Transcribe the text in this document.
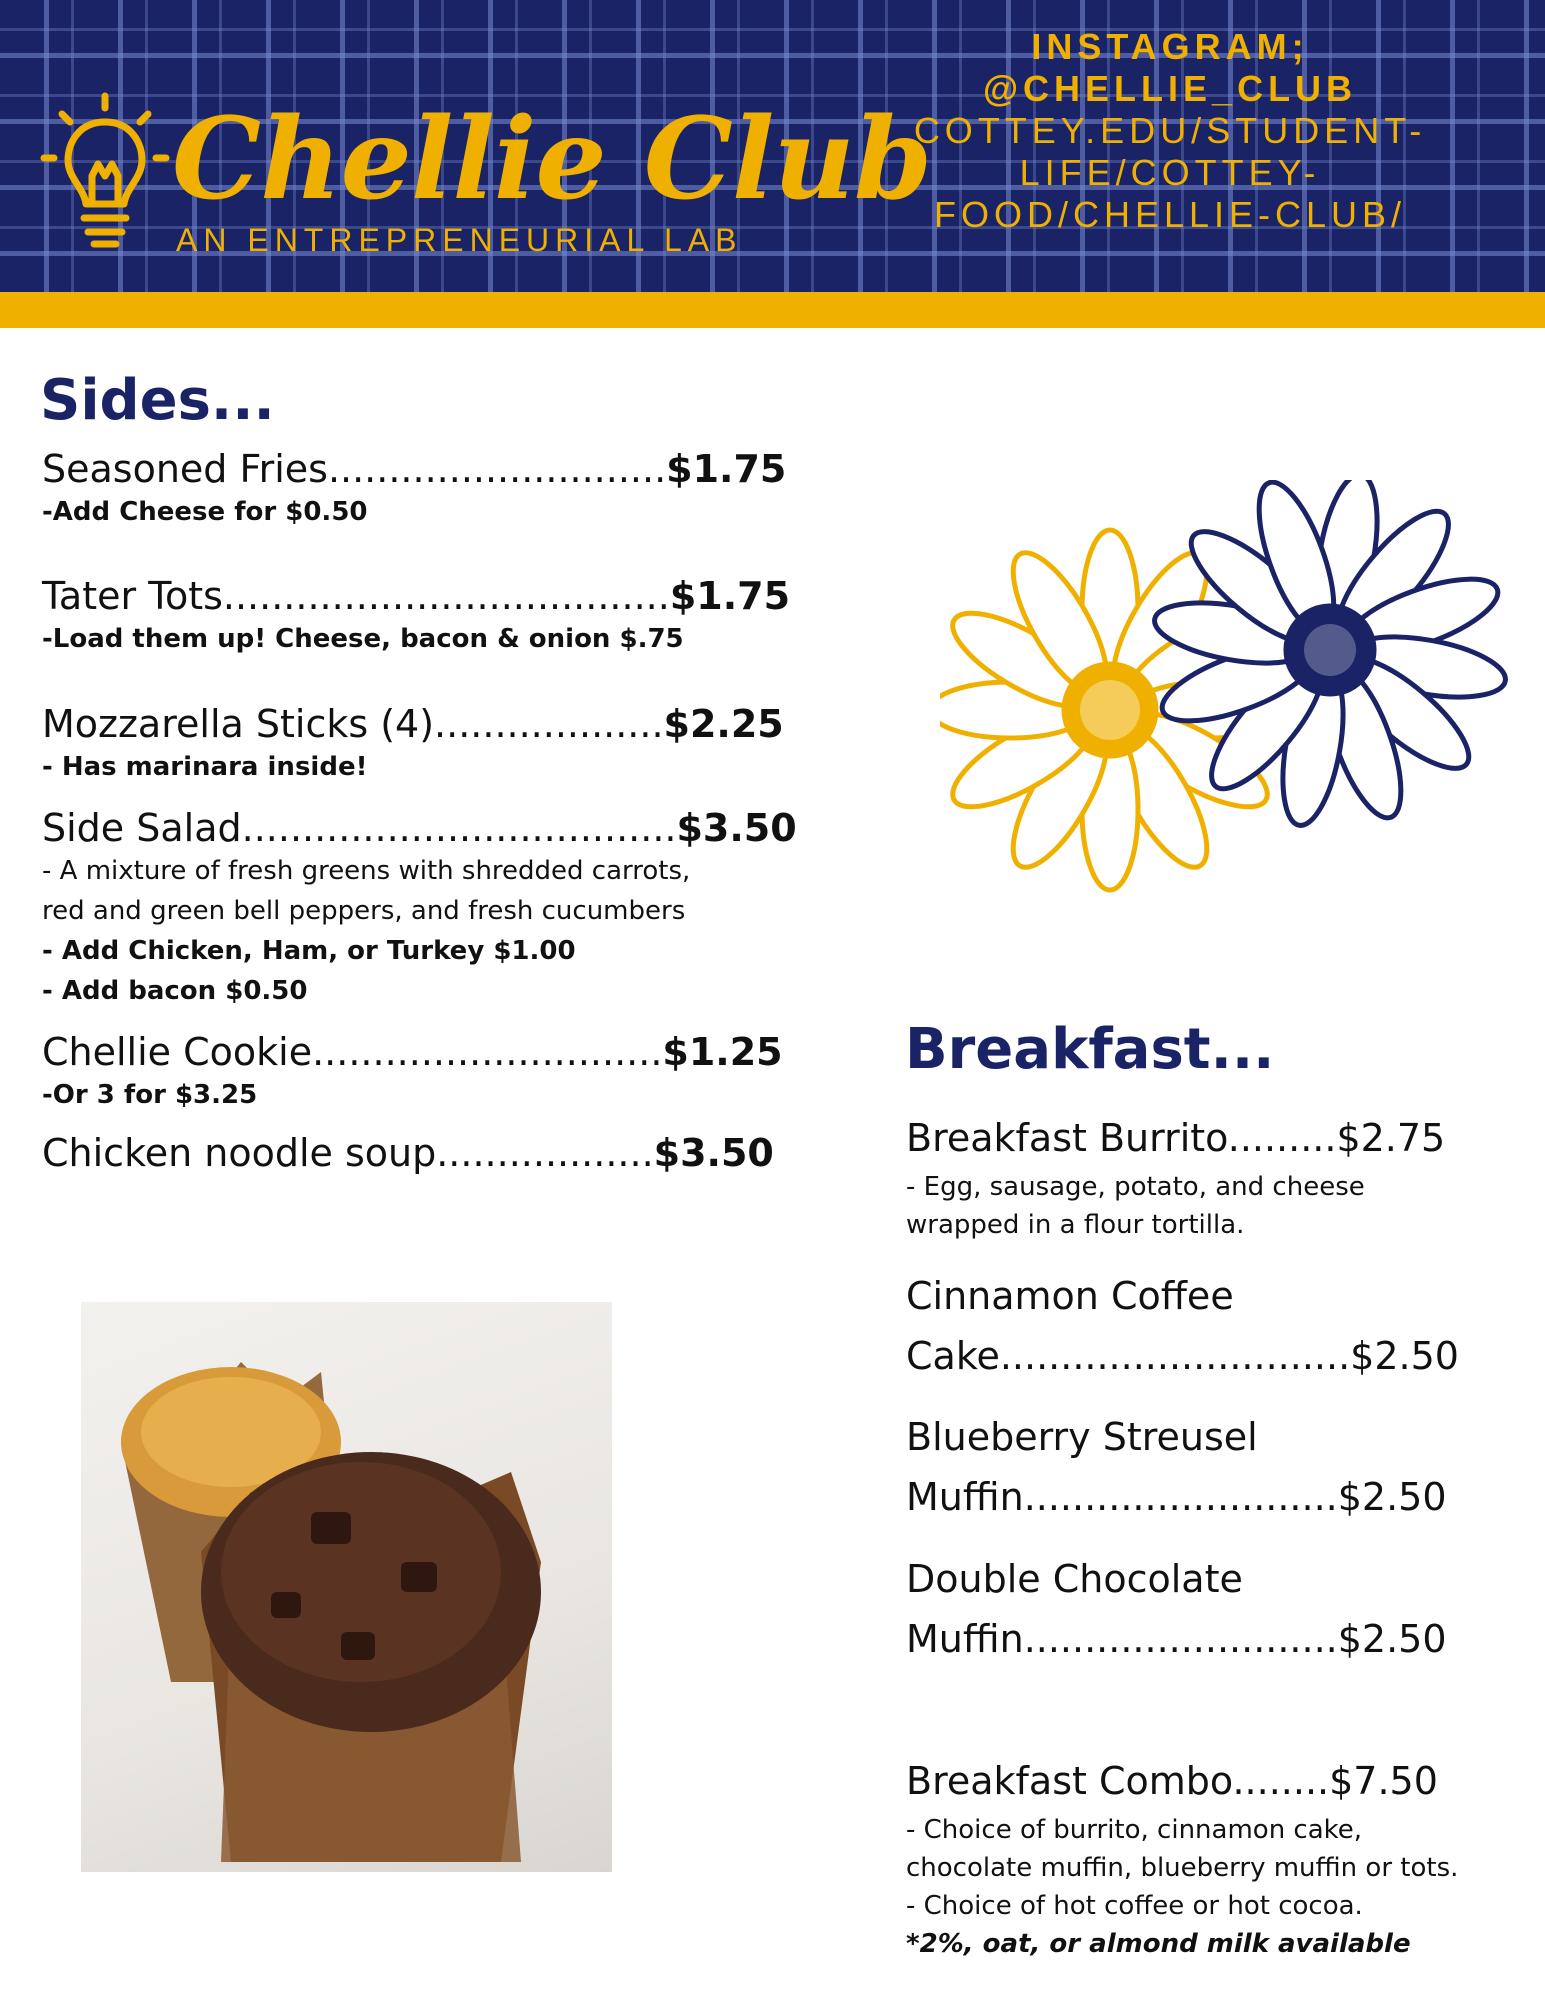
Chellie Club
AN ENTREPRENEURIAL LAB
INSTAGRAM;
@CHELLIE_CLUB
COTTEY.EDU/STUDENT-
LIFE/COTTEY-
FOOD/CHELLIE-CLUB/
Sides...
Seasoned Fries............................$1.75
-Add Cheese for $0.50
Tater Tots.....................................$1.75
-Load them up! Cheese, bacon & onion $.75
Mozzarella Sticks (4)...................$2.25
- Has marinara inside!
Side Salad....................................$3.50
- A mixture of fresh greens with shredded carrots,
red and green bell peppers, and fresh cucumbers
- Add Chicken, Ham, or Turkey $1.00
- Add bacon $0.50
Chellie Cookie.............................$1.25
-Or 3 for $3.25
Chicken noodle soup..................$3.50
Breakfast...
Breakfast Burrito.........$2.75
- Egg, sausage, potato, and cheese
wrapped in a flour tortilla.
Cinnamon Coffee
Cake.............................$2.50
Blueberry Streusel
Muffin..........................$2.50
Double Chocolate
Muffin..........................$2.50
Breakfast Combo........$7.50
- Choice of burrito, cinnamon cake,
chocolate muffin, blueberry muffin or tots.
- Choice of hot coffee or hot cocoa.
*2%, oat, or almond milk available
